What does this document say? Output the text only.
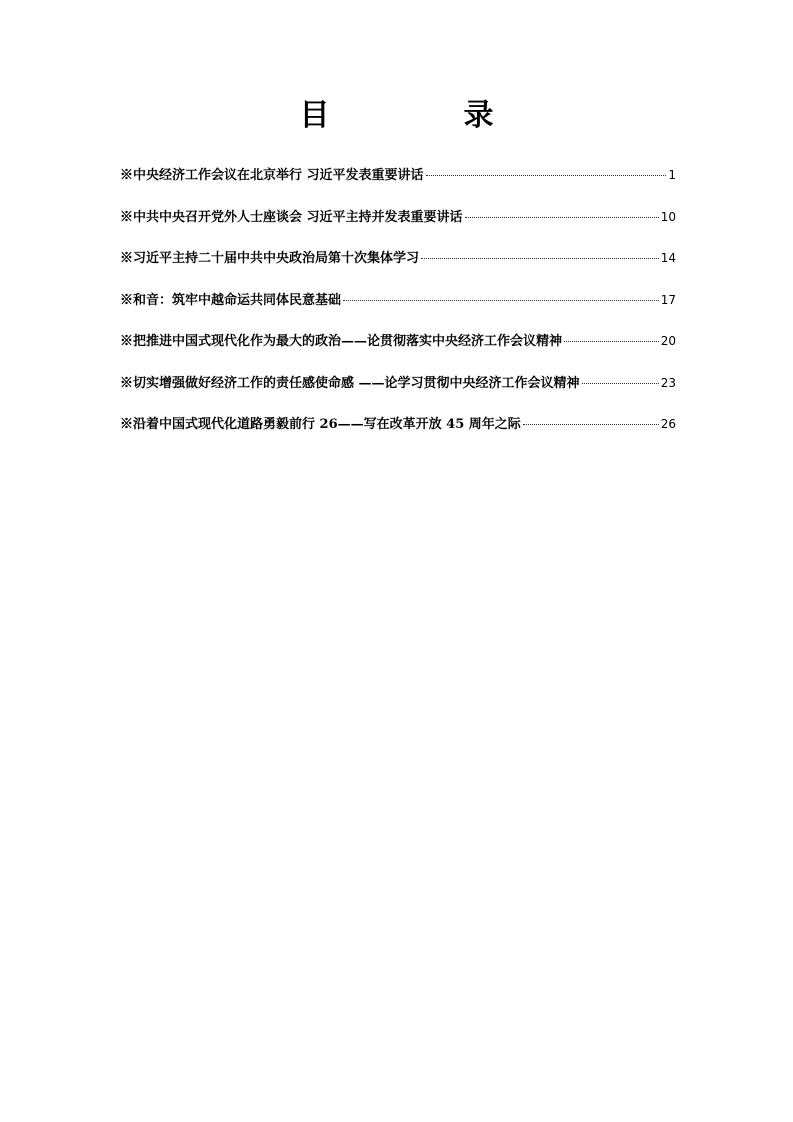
目　录
※中央经济工作会议在北京举行 习近平发表重要讲话	1
※中共中央召开党外人士座谈会 习近平主持并发表重要讲话	10
※习近平主持二十届中共中央政治局第十次集体学习	14
※和音：筑牢中越命运共同体民意基础	17
※把推进中国式现代化作为最大的政治——论贯彻落实中央经济工作会议精神	20
※切实增强做好经济工作的责任感使命感 ——论学习贯彻中央经济工作会议精神	23
※沿着中国式现代化道路勇毅前行 26——写在改革开放 45 周年之际	26
